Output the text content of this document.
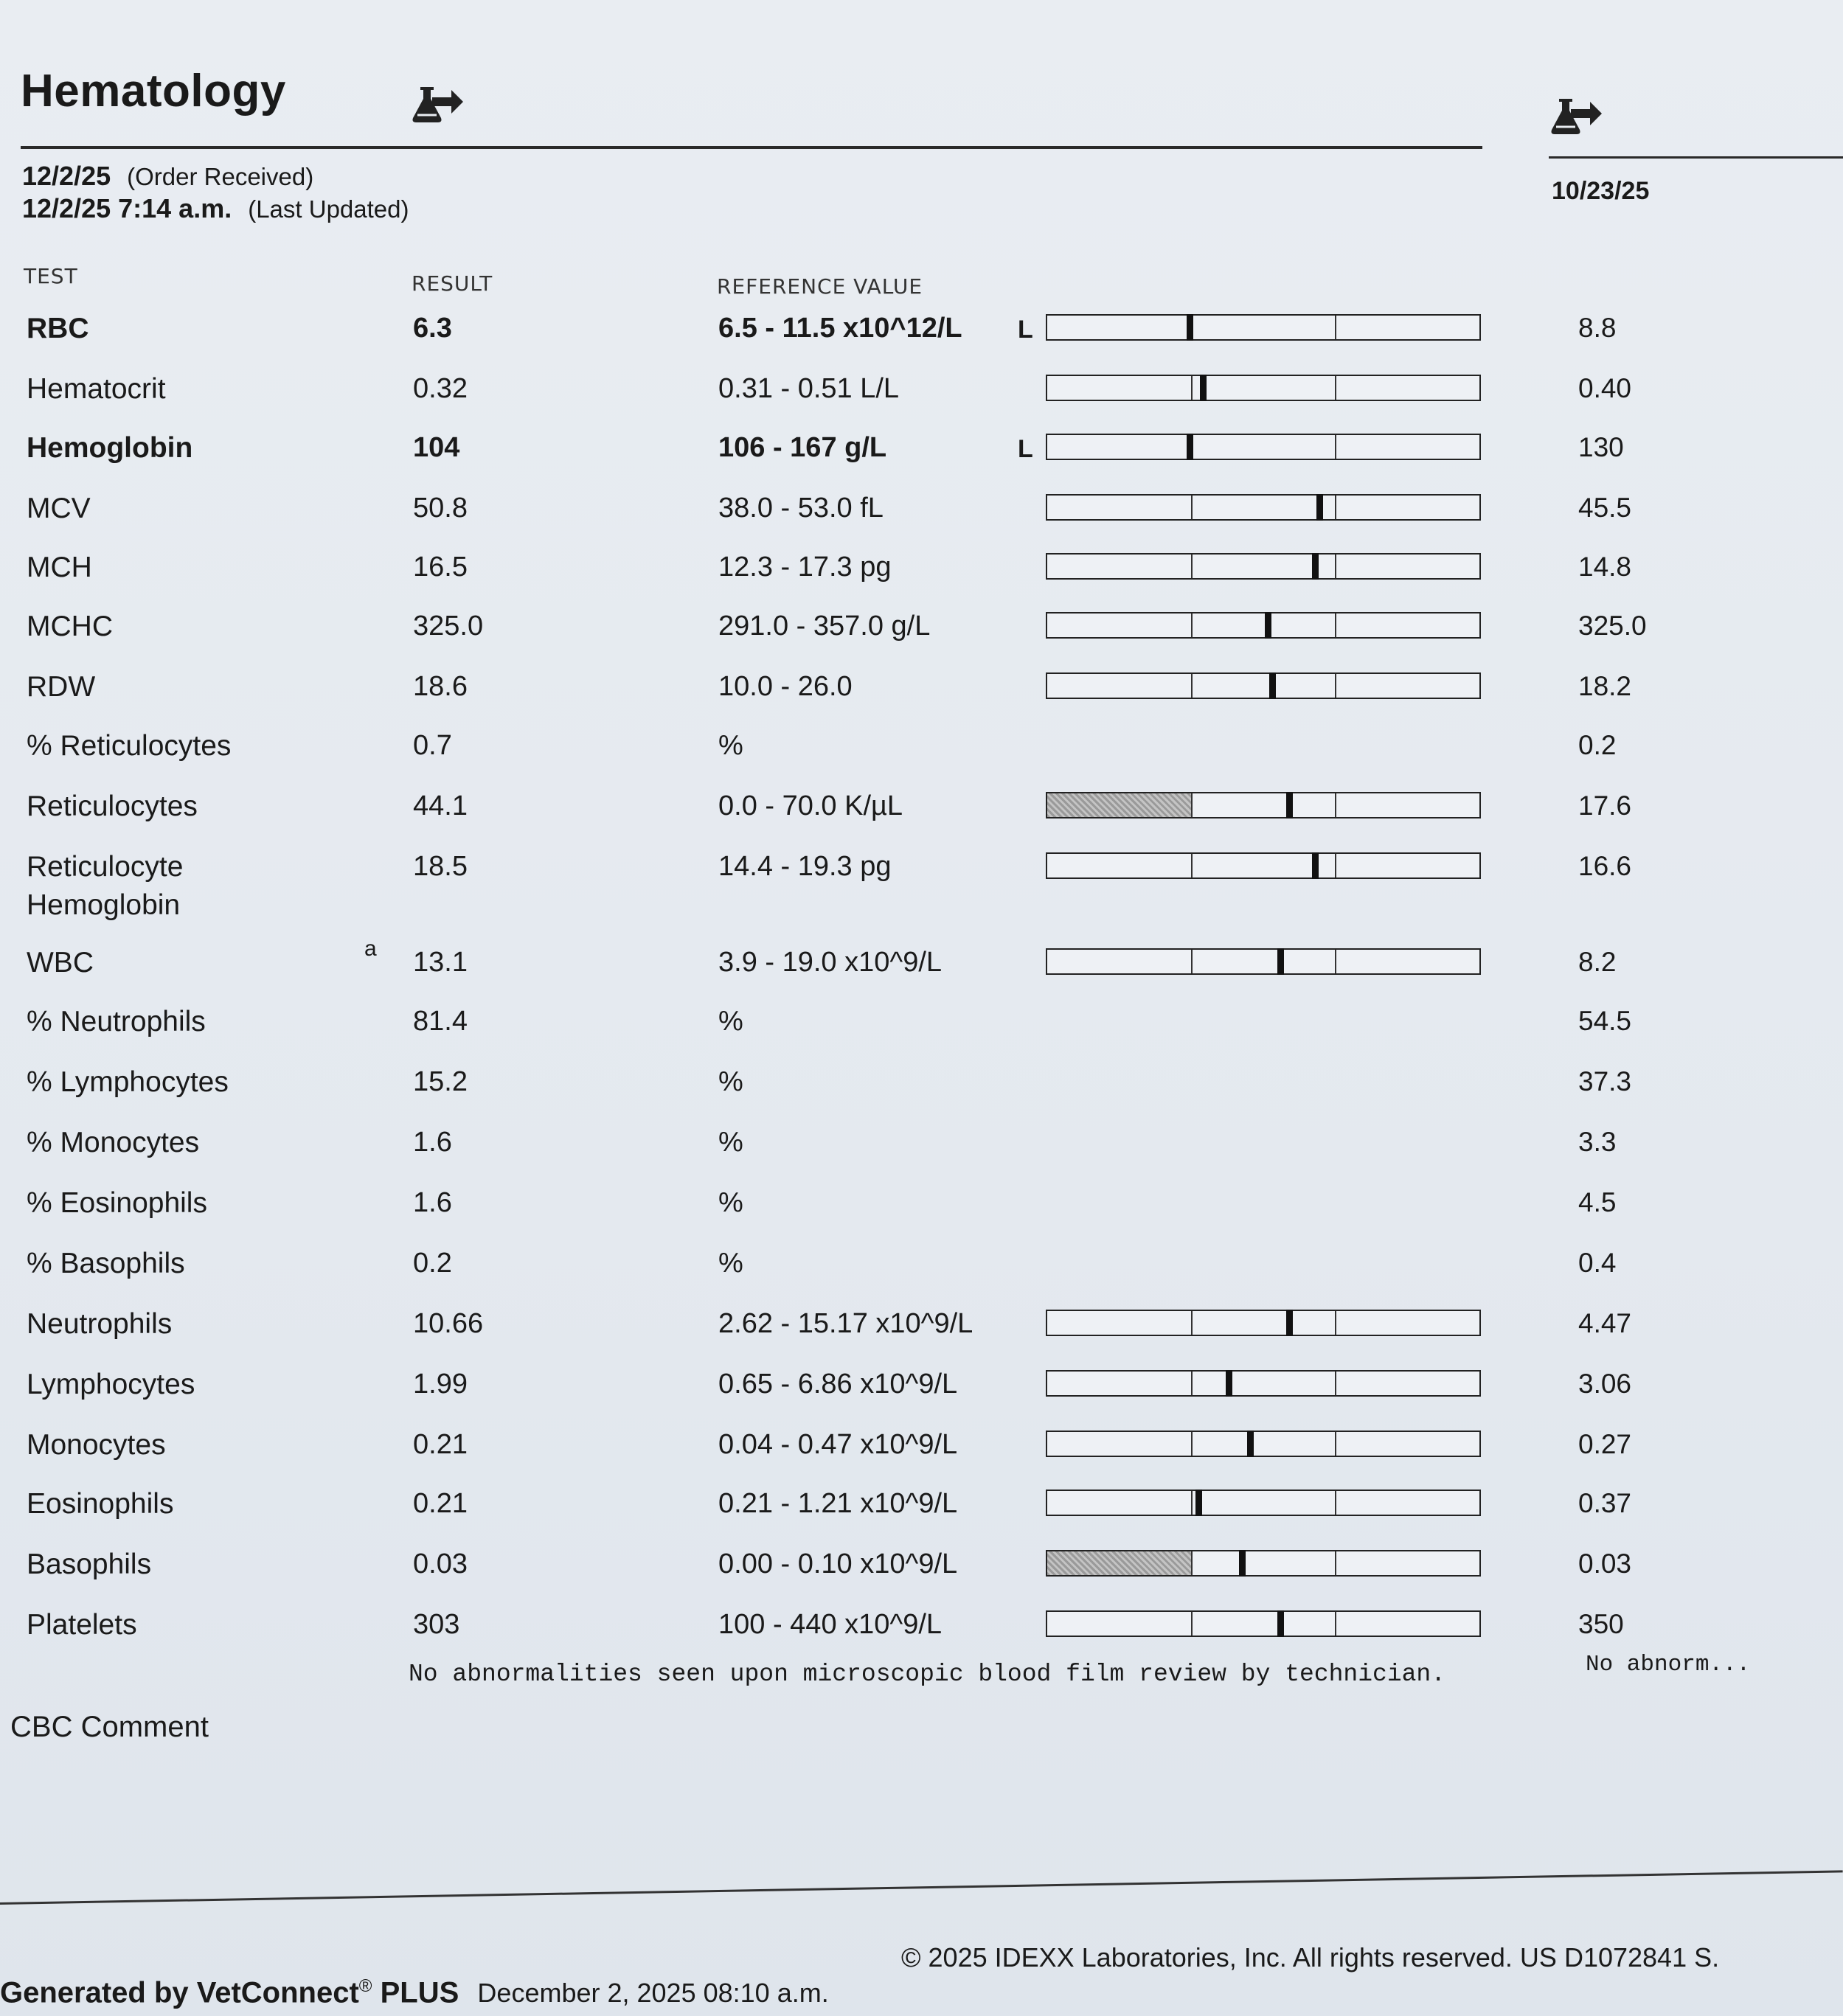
Hematology
12/2/25 (Order Received)
12/2/25 7:14 a.m. (Last Updated)
10/23/25
TEST	RESULT	REFERENCE VALUE
RBC	6.3	6.5 - 11.5 x10^12/L L	8.8
Hematocrit	0.32	0.31 - 0.51 L/L	0.40
Hemoglobin	104	106 - 167 g/L	L	130
MCV	50.8	38.0 - 53.0 fL	45.5
MCH	16.5	12.3 - 17.3 pg	14.8
MCHC	325.0	291.0 - 357.0 g/L	325.0
RDW	18.6	10.0 - 26.0	18.2
% Reticulocytes	0.7	%	0.2
Reticulocytes	44.1	0.0 - 70.0 K/µL	17.6
Reticulocyte
Hemoglobin
18.5	14.4 - 19.3 pg	16.6
WBC	a 13.1	3.9 - 19.0 x10^9/L	8.2
% Neutrophils	81.4	%	54.5
% Lymphocytes	15.2	%	37.3
% Monocytes	1.6	%	3.3
% Eosinophils	1.6	%	4.5
% Basophils	0.2	%	0.4
Neutrophils	10.66	2.62 - 15.17 x10^9/L	4.47
Lymphocytes	1.99	0.65 - 6.86 x10^9/L	3.06
Monocytes	0.21	0.04 - 0.47 x10^9/L	0.27
Eosinophils	0.21	0.21 - 1.21 x10^9/L	0.37
Basophils	0.03	0.00 - 0.10 x10^9/L	0.03
Platelets	303	100 - 440 x10^9/L	350
CBC Comment
No abnormalities seen upon microscopic blood film review by technician.	No abnorm...
Generated by VetConnect® PLUS December 2, 2025 08:10 a.m.
© 2025 IDEXX Laboratories, Inc. All rights reserved. US D1072841 S.
